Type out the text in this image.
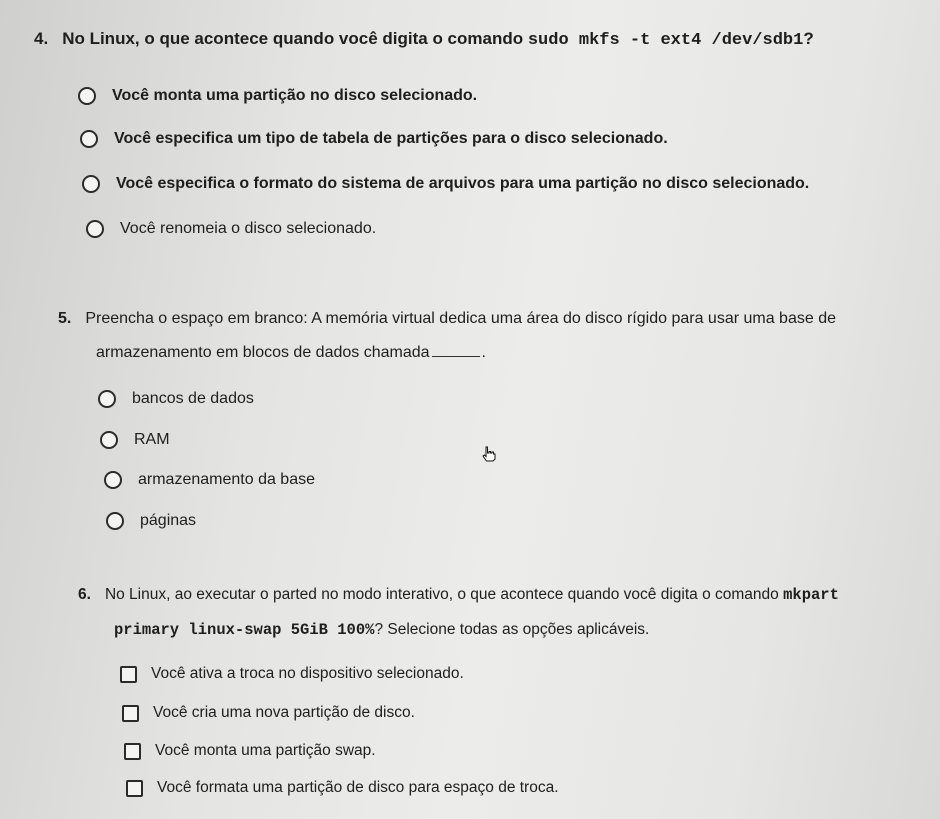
4. No Linux, o que acontece quando você digita o comando sudo mkfs -t ext4 /dev/sdb1?
Você monta uma partição no disco selecionado.
Você especifica um tipo de tabela de partições para o disco selecionado.
Você especifica o formato do sistema de arquivos para uma partição no disco selecionado.
Você renomeia o disco selecionado.
5. Preencha o espaço em branco: A memória virtual dedica uma área do disco rígido para usar uma base de
armazenamento em blocos de dados chamada	.
bancos de dados
RAM
armazenamento da base
páginas
6. No Linux, ao executar o parted no modo interativo, o que acontece quando você digita o comando mkpart
primary linux-swap 5GiB 100%? Selecione todas as opções aplicáveis.
Você ativa a troca no dispositivo selecionado.
Você cria uma nova partição de disco.
Você monta uma partição swap.
Você formata uma partição de disco para espaço de troca.
